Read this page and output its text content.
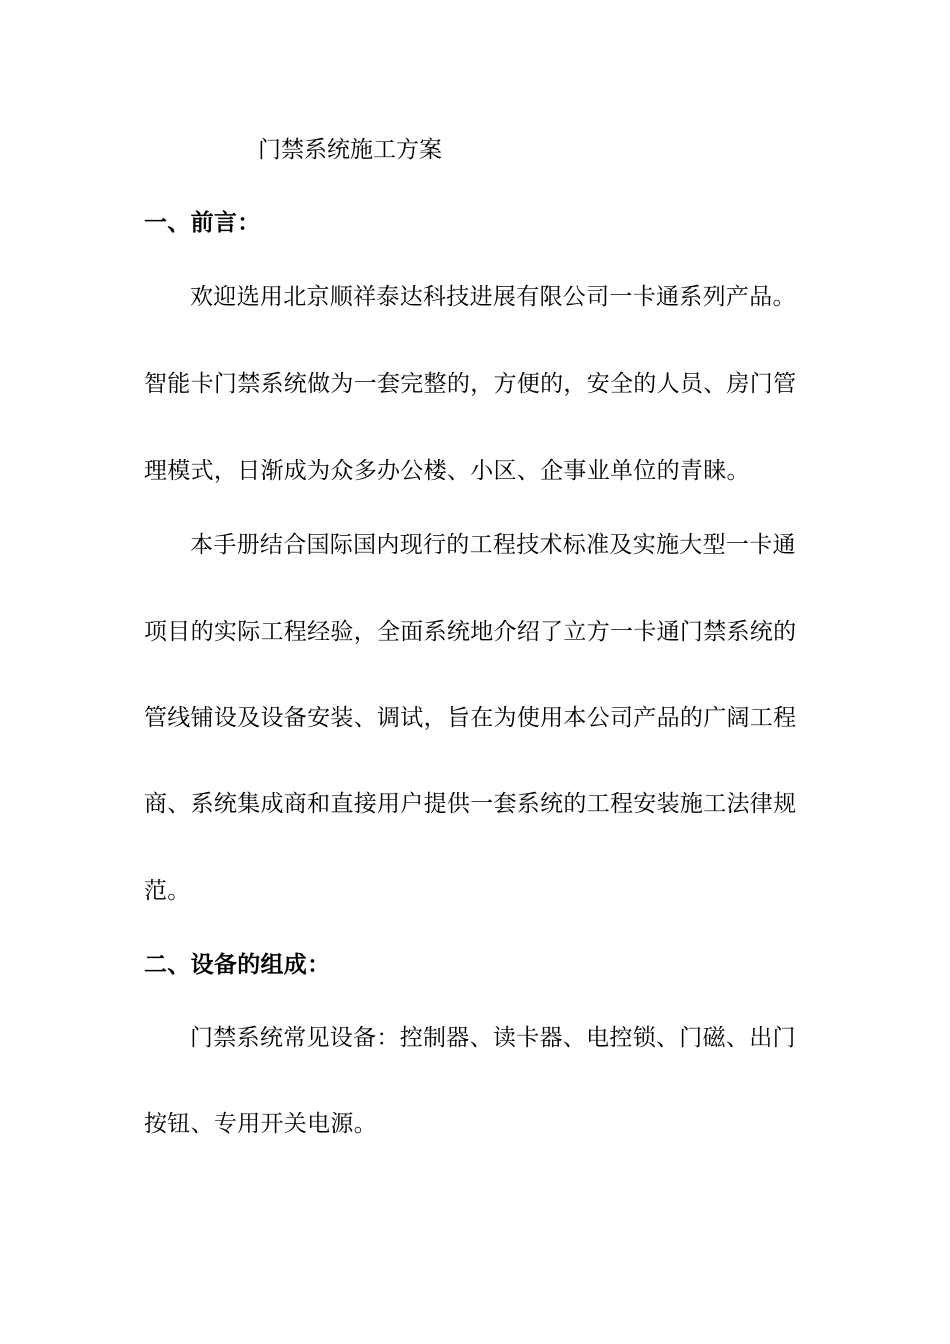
门禁系统施工方案
一、前言：
欢迎选用北京顺祥泰达科技进展有限公司一卡通系列产品。
智能卡门禁系统做为一套完整的，方便的，安全的人员、房门管
理模式，日渐成为众多办公楼、小区、企事业单位的青睐。
本手册结合国际国内现行的工程技术标准及实施大型一卡通
项目的实际工程经验，全面系统地介绍了立方一卡通门禁系统的
管线铺设及设备安装、调试，旨在为使用本公司产品的广阔工程
商、系统集成商和直接用户提供一套系统的工程安装施工法律规
范。
二、设备的组成：
门禁系统常见设备：控制器、读卡器、电控锁、门磁、出门
按钮、专用开关电源。
